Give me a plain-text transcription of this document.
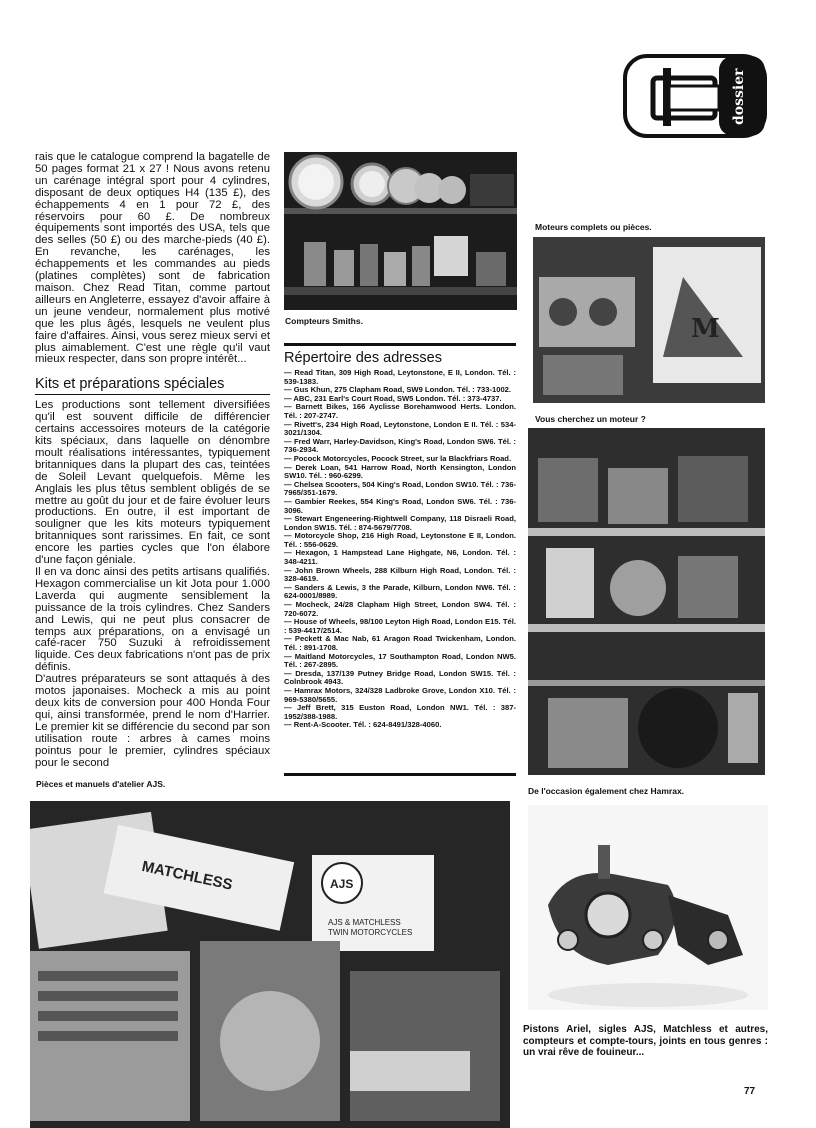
dossier

rais que le catalogue comprend la bagatelle de 50 pages format 21 x 27 ! Nous avons retenu un carénage intégral sport pour 4 cylindres, disposant de deux optiques H4 (135 £), des échappements 4 en 1 pour 72 £, des réservoirs pour 60 £. De nombreux équipements sont importés des USA, tels que des selles (50 £) ou des marche-pieds (40 £). En revanche, les carénages, les échappements et les commandes au pieds (platines complètes) sont de fabrication maison. Chez Read Titan, comme partout ailleurs en Angleterre, essayez d'avoir affaire à un jeune vendeur, normalement plus motivé que les plus âgés, lesquels ne veulent plus faire d'affaires. Ainsi, vous serez mieux servi et plus aimablement. C'est une règle qu'il vaut mieux respecter, dans son propre intérêt...

Kits et préparations spéciales

Les productions sont tellement diversifiées qu'il est souvent difficile de différencier certains accessoires moteurs de la catégorie kits spéciaux, dans laquelle on dénombre moult réalisations intéressantes, typiquement britanniques dans la plupart des cas, teintées de Soleil Levant quelquefois. Même les Anglais les plus têtus semblent obligés de se mettre au goût du jour et de faire évoluer leurs productions. En outre, il est important de souligner que les kits moteurs typiquement britanniques sont rarissimes. En fait, ce sont encore les parties cycles que l'on élabore d'une façon géniale.

Il en va donc ainsi des petits artisans qualifiés. Hexagon commercialise un kit Jota pour 1.000 Laverda qui augmente sensiblement la puissance de la trois cylindres. Chez Sanders and Lewis, qui ne peut plus consacrer de temps aux préparations, on a envisagé un café-racer 750 Suzuki à refroidissement liquide. Ces deux fabrications n'ont pas de prix définis.

D'autres préparateurs se sont attaqués à des motos japonaises. Mocheck a mis au point deux kits de conversion pour 400 Honda Four qui, ainsi transformée, prend le nom d'Harrier. Le premier kit se différencie du second par son utilisation route : arbres à cames moins pointus pour le premier, cylindres spéciaux pour le second

Compteurs Smiths.
Répertoire des adresses

— Read Titan, 309 High Road, Leytonstone, E II, London. Tél. : 539-1383.

— Gus Khun, 275 Clapham Road, SW9 London. Tél. : 733-1002.

— ABC, 231 Earl's Court Road, SW5 London. Tél. : 373-4737.

— Barnett Bikes, 166 Ayclisse Borehamwood Herts. London. Tél. : 207-2747.

— Rivett's, 234 High Road, Leytonstone, London E II. Tél. : 534-3021/1304.

— Fred Warr, Harley-Davidson, King's Road, London SW6. Tél. : 736-2934.

— Pocock Motorcycles, Pocock Street, sur la Blackfriars Road.

— Derek Loan, 541 Harrow Road, North Kensington, London SW10. Tél. : 960-6299.

— Chelsea Scooters, 504 King's Road, London SW10. Tél. : 736-7965/351-1679.

— Gambier Reekes, 554 King's Road, London SW6. Tél. : 736-3096.

— Stewart Engeneering-Rightwell Company, 118 Disraeli Road, London SW15. Tél. : 874-5679/7708.

— Motorcycle Shop, 216 High Road, Leytonstone E II, London. Tél. : 556-0629.

— Hexagon, 1 Hampstead Lane Highgate, N6, London. Tél. : 348-4211.

— John Brown Wheels, 288 Kilburn High Road, London. Tél. : 328-4619.

— Sanders & Lewis, 3 the Parade, Kilburn, London NW6. Tél. : 624-0001/8989.

— Mocheck, 24/28 Clapham High Street, London SW4. Tél. : 720-6072.

— House of Wheels, 98/100 Leyton High Road, London E15. Tél. : 539-4417/2514.

— Peckett & Mac Nab, 61 Aragon Road Twickenham, London. Tél. : 891-1708.

— Maitland Motorcycles, 17 Southampton Road, London NW5. Tél. : 267-2895.

— Dresda, 137/139 Putney Bridge Road, London SW15. Tél. : Colnbrook 4943.

— Hamrax Motors, 324/328 Ladbroke Grove, London X10. Tél. : 969-5380/5655.

— Jeff Brett, 315 Euston Road, London NW1. Tél. : 387-1952/388-1988.

— Rent-A-Scooter. Tél. : 624-8491/328-4060.

Moteurs complets ou pièces.
M
Vous cherchez un moteur ?
De l'occasion également chez Hamrax.
Pièces et manuels d'atelier AJS.
MATCHLESS	AJS
AJS & MATCHLESS
TWIN MOTORCYCLES
Pistons Ariel, sigles AJS, Matchless et autres, compteurs et compte-tours, joints en tous genres : un vrai rêve de fouineur...
77
